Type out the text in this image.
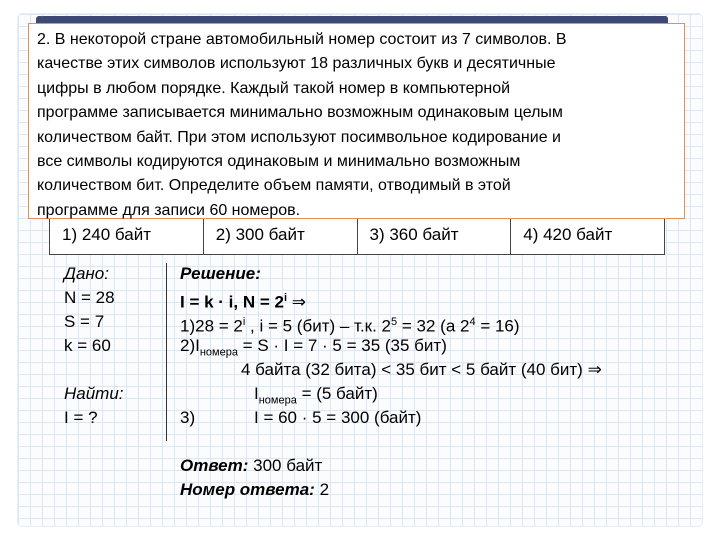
2. В некоторой стране автомобильный номер состоит из 7 символов. В
качестве этих символов используют 18 различных букв и десятичные
цифры в любом порядке. Каждый такой номер в компьютерной
программе записывается минимально возможным одинаковым целым
количеством байт. При этом используют посимвольное кодирование и
все символы кодируются одинаковым и минимально возможным
количеством бит. Определите объем памяти, отводимый в этой
программе для записи 60 номеров.

1) 240 байт	2) 300 байт	3) 360 байт	4) 420 байт
Дано:
N = 28
S = 7
k = 60
Найти:
I = ?
Решение:
I = k · i, $N = 2^i$ ⇒
$1)28 = 2^i$ , i = 5 (бит) – т.к. $2^5 = 32$ (а $2^4 = 16$)
$2)I_{номера} = S \cdot I = 7 \cdot 5 = 35$ (35 бит)
4 байта (32 бита) < 35 бит < 5 байт (40 бит) ⇒
$I_{номера} = (5$ байт)
3)	I = 60 · 5 = 300 (байт)
Ответ: 300 байт
Номер ответа: 2
